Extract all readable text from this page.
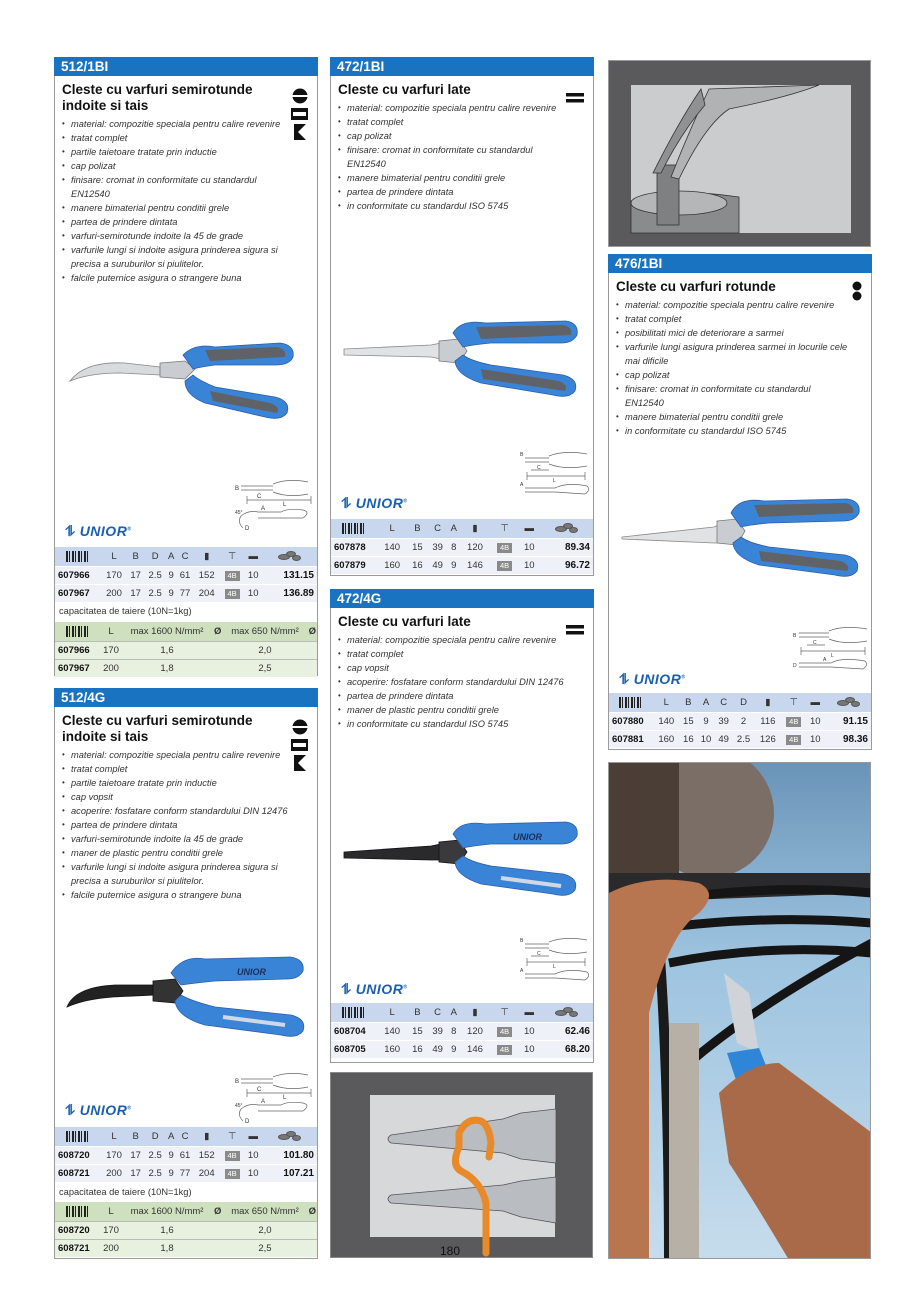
512/1BI
Cleste cu varfuri semirotunde indoite si tais
• material: compozitie speciala pentru calire revenire
• tratat complet
• partile taietoare tratate prin inductie
• cap polizat
• finisare: cromat in conformitate cu standardul EN12540
• manere bimaterial pentru conditii grele
• partea de prindere dintata
• varfuri-semirotunde indoite la 45 de grade
• varfurile lungi si indoite asigura prinderea sigura si precisa a suruburilor si piulitelor.
• falcile puternice asigura o strangere buna
B
C
L
45°
A
D
⥮ UNIOR®
	L	B	D	A	C	▮	⊤	▬	

607966	170	17	2.5	9	61	152	4B	10	131.15
607967	200	17	2.5	9	77	204	4B	10	136.89
capacitatea de taiere (10N=1kg)
	L	max 1600 N/mm²	Ø	max 650 N/mm²	Ø
607966	170	1,6		2,0	
607967	200	1,8		2,5	
472/1BI
Cleste cu varfuri late
• material: compozitie speciala pentru calire revenire
• tratat complet
• cap polizat
• finisare: cromat in conformitate cu standardul EN12540
• manere bimaterial pentru conditii grele
• partea de prindere dintata
• in conformitate cu standardul ISO 5745
B
C
L
A
⥮ UNIOR®
	L	B	C	A	▮	⊤	▬	

607878	140	15	39	8	120	4B	10	89.34
607879	160	16	49	9	146	4B	10	96.72
472/4G
Cleste cu varfuri late
• material: compozitie speciala pentru calire revenire
• tratat complet
• cap vopsit
• acoperire: fosfatare conform standardului DIN 12476
• partea de prindere dintata
• maner de plastic pentru conditii grele
• in conformitate cu standardul ISO 5745
UNIOR
B
C
L
A
⥮ UNIOR®
	L	B	C	A	▮	⊤	▬	

608704	140	15	39	8	120	4B	10	62.46
608705	160	16	49	9	146	4B	10	68.20
180
476/1BI
Cleste cu varfuri rotunde
• material: compozitie speciala pentru calire revenire
• tratat complet
• posibilitati mici de deteriorare a sarmei
• varfurile lungi asigura prinderea sarmei in locurile cele mai dificile
• cap polizat
• finisare: cromat in conformitate cu standardul EN12540
• manere bimaterial pentru conditii grele
• in conformitate cu standardul ISO 5745
B
C
L
D
A
⥮ UNIOR®
	L	B	A	C	D	▮	⊤	▬	

607880	140	15	9	39	2	116	4B	10	91.15
607881	160	16	10	49	2.5	126	4B	10	98.36
512/4G
Cleste cu varfuri semirotunde indoite si tais
• material: compozitie speciala pentru calire revenire
• tratat complet
• partile taietoare tratate prin inductie
• cap vopsit
• acoperire: fosfatare conform standardului DIN 12476
• partea de prindere dintata
• varfuri-semirotunde indoite la 45 de grade
• maner de plastic pentru conditii grele
• varfurile lungi si indoite asigura prinderea sigura si precisa a suruburilor si piulitelor.
• falcile puternice asigura o strangere buna
UNIOR
B
C
L
45°
A
D
⥮ UNIOR®
	L	B	D	A	C	▮	⊤	▬	

608720	170	17	2.5	9	61	152	4B	10	101.80
608721	200	17	2.5	9	77	204	4B	10	107.21
capacitatea de taiere (10N=1kg)
	L	max 1600 N/mm²	Ø	max 650 N/mm²	Ø
608720	170	1,6		2,0	
608721	200	1,8		2,5	
